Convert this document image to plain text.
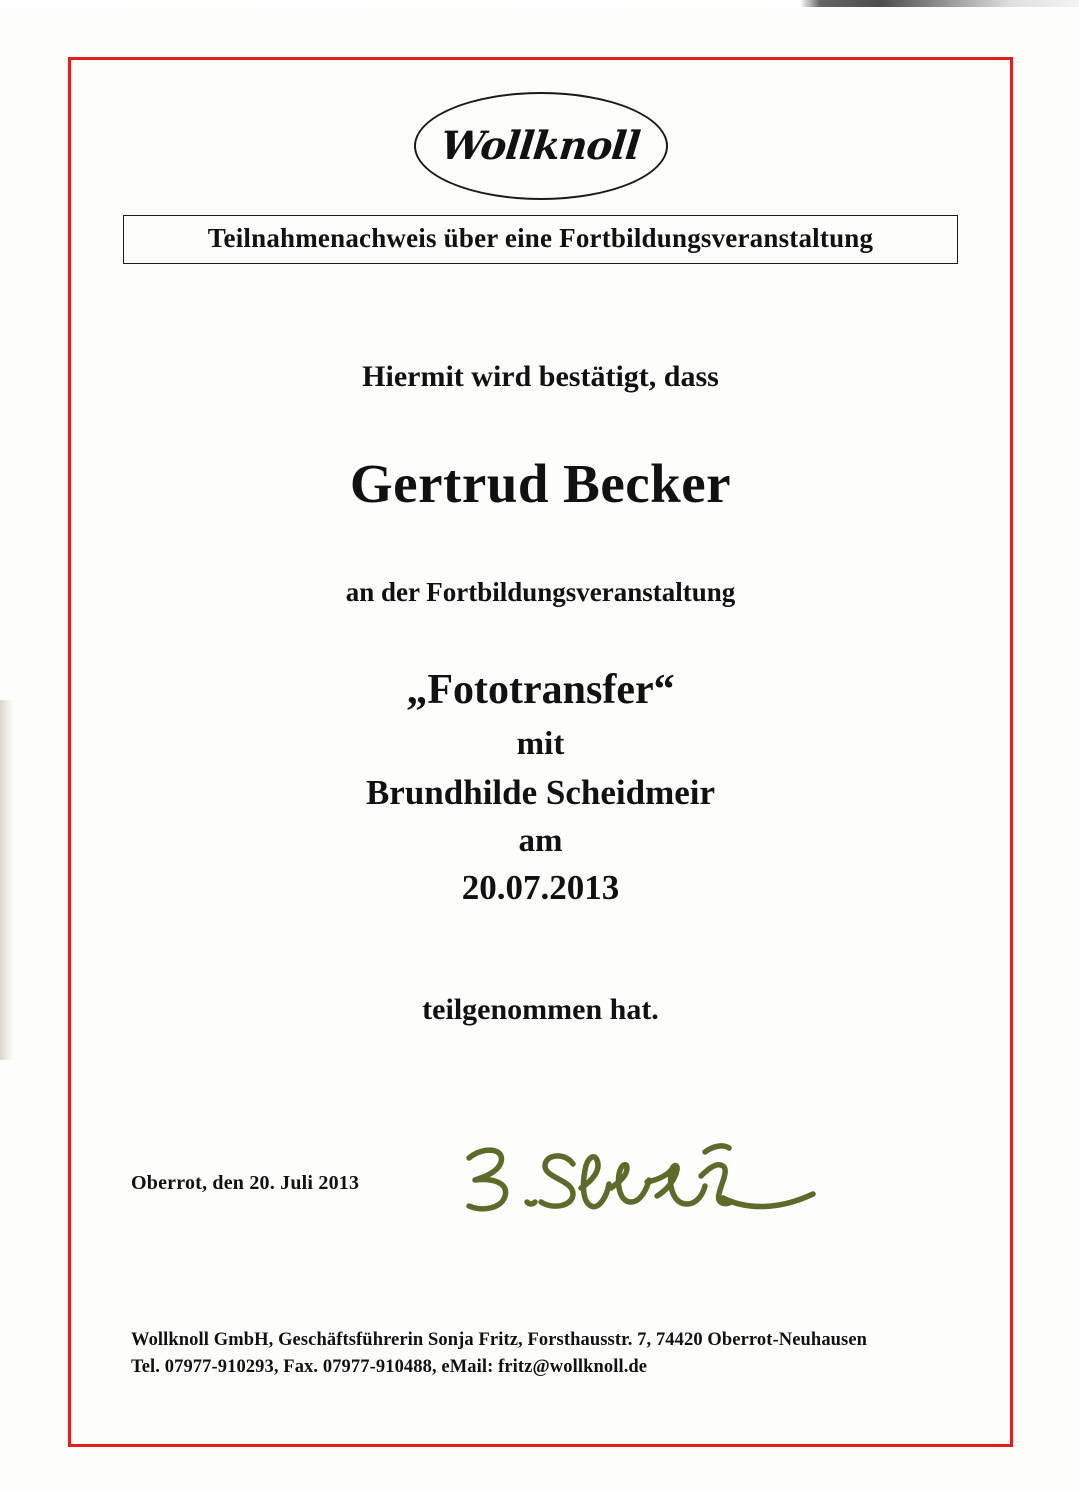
Wollknoll
Teilnahmenachweis über eine Fortbildungsveranstaltung
Hiermit wird bestätigt, dass
Gertrud Becker
an der Fortbildungsveranstaltung
„Fototransfer“
mit
Brundhilde Scheidmeir
am
20.07.2013
teilgenommen hat.
Oberrot, den 20. Juli 2013
Wollknoll GmbH, Geschäftsführerin Sonja Fritz, Forsthausstr. 7, 74420 Oberrot-Neuhausen
Tel. 07977-910293, Fax. 07977-910488, eMail: fritz@wollknoll.de
